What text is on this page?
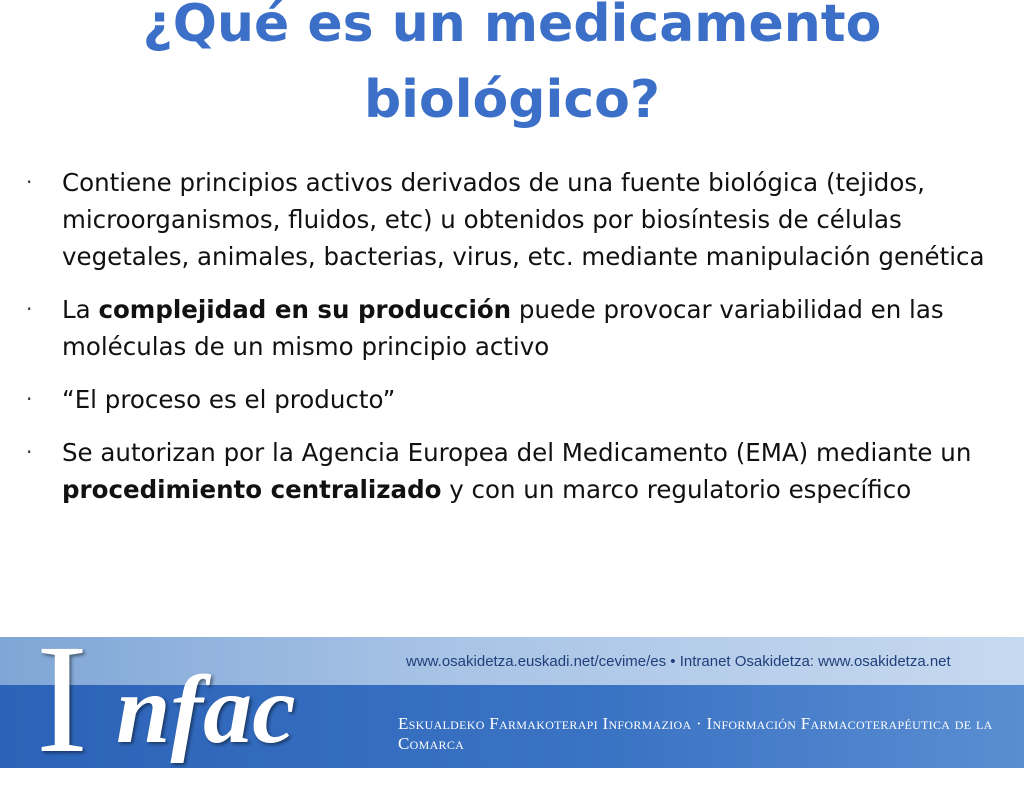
¿Qué es un medicamento biológico?
· Contiene principios activos derivados de una fuente biológica (tejidos, microorganismos, fluidos, etc) u obtenidos por biosíntesis de células vegetales, animales, bacterias, virus, etc. mediante manipulación genética
· La complejidad en su producción puede provocar variabilidad en las moléculas de un mismo principio activo
· “El proceso es el producto”
· Se autorizan por la Agencia Europea del Medicamento (EMA) mediante un procedimiento centralizado y con un marco regulatorio específico
www.osakidetza.euskadi.net/cevime/es • Intranet Osakidetza: www.osakidetza.net
Eskualdeko Farmakoterapi Informazioa · Información Farmacoterapéutica de la Comarca
I nfac
